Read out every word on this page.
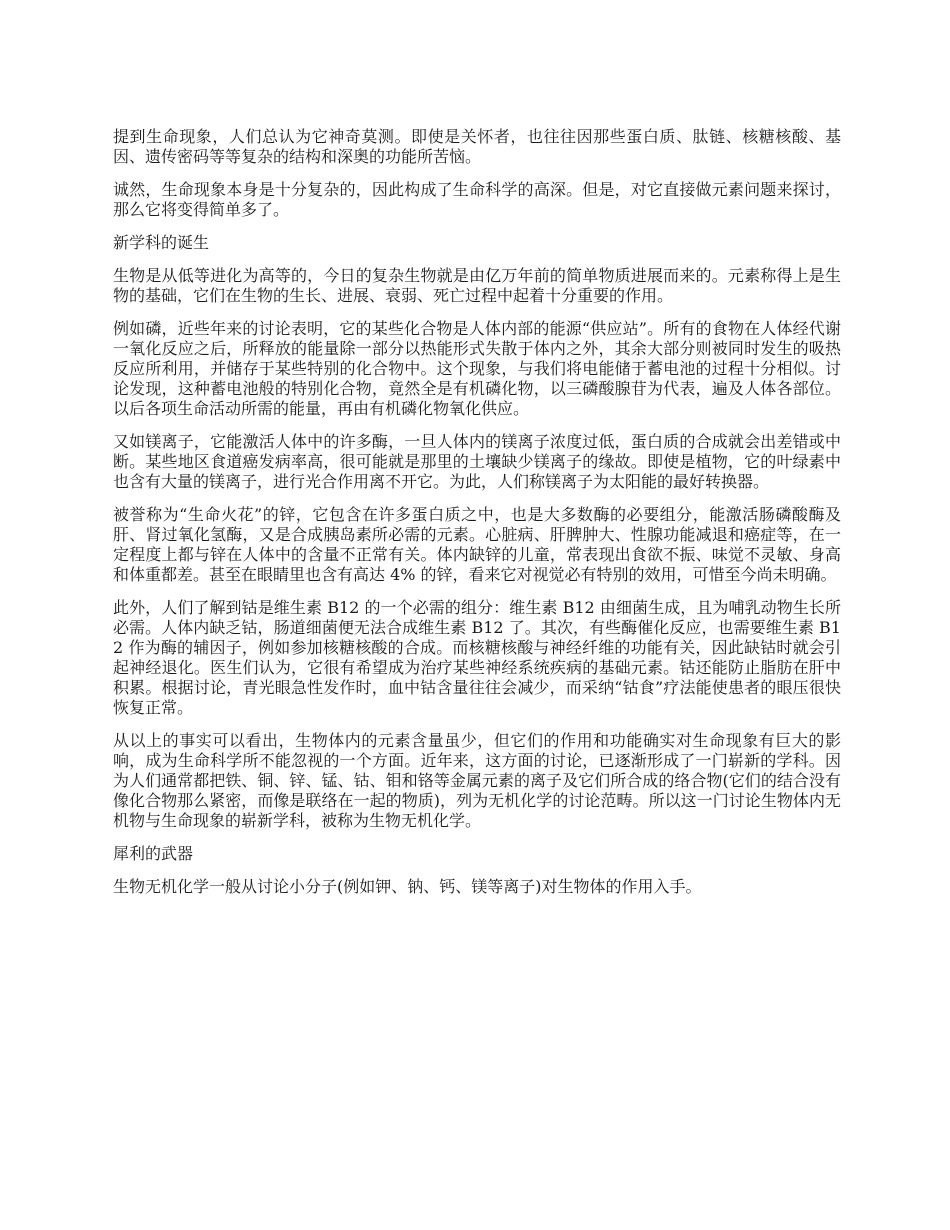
提到生命现象，人们总认为它神奇莫测。即使是关怀者，也往往因那些蛋白质、肽链、核糖核酸、基因、遗传密码等等复杂的结构和深奥的功能所苦恼。

诚然，生命现象本身是十分复杂的，因此构成了生命科学的高深。但是，对它直接做元素问题来探讨，那么它将变得简单多了。

新学科的诞生

生物是从低等进化为高等的，今日的复杂生物就是由亿万年前的简单物质进展而来的。元素称得上是生物的基础，它们在生物的生长、进展、衰弱、死亡过程中起着十分重要的作用。

例如磷，近些年来的讨论表明，它的某些化合物是人体内部的能源“供应站”。所有的食物在人体经代谢一氧化反应之后，所释放的能量除一部分以热能形式失散于体内之外，其余大部分则被同时发生的吸热反应所利用，并储存于某些特别的化合物中。这个现象，与我们将电能储于蓄电池的过程十分相似。讨论发现，这种蓄电池般的特别化合物，竟然全是有机磷化物，以三磷酸腺苷为代表，遍及人体各部位。以后各项生命活动所需的能量，再由有机磷化物氧化供应。

又如镁离子，它能激活人体中的许多酶，一旦人体内的镁离子浓度过低，蛋白质的合成就会出差错或中断。某些地区食道癌发病率高，很可能就是那里的土壤缺少镁离子的缘故。即使是植物，它的叶绿素中也含有大量的镁离子，进行光合作用离不开它。为此，人们称镁离子为太阳能的最好转换器。

被誉称为“生命火花”的锌，它包含在许多蛋白质之中，也是大多数酶的必要组分，能激活肠磷酸酶及肝、肾过氧化氢酶，又是合成胰岛素所必需的元素。心脏病、肝脾肿大、性腺功能减退和癌症等，在一定程度上都与锌在人体中的含量不正常有关。体内缺锌的儿童，常表现出食欲不振、味觉不灵敏、身高和体重都差。甚至在眼睛里也含有高达 4% 的锌，看来它对视觉必有特别的效用，可惜至今尚未明确。

此外，人们了解到钴是维生素 B12 的一个必需的组分：维生素 B12 由细菌生成，且为哺乳动物生长所必需。人体内缺乏钴，肠道细菌便无法合成维生素 B12 了。其次，有些酶催化反应，也需要维生素 B12 作为酶的辅因子，例如参加核糖核酸的合成。而核糖核酸与神经纤维的功能有关，因此缺钴时就会引起神经退化。医生们认为，它很有希望成为治疗某些神经系统疾病的基础元素。钴还能防止脂肪在肝中积累。根据讨论，青光眼急性发作时，血中钴含量往往会减少，而采纳“钴食”疗法能使患者的眼压很快恢复正常。

从以上的事实可以看出，生物体内的元素含量虽少，但它们的作用和功能确实对生命现象有巨大的影响，成为生命科学所不能忽视的一个方面。近年来，这方面的讨论，已逐渐形成了一门崭新的学科。因为人们通常都把铁、铜、锌、锰、钴、钼和铬等金属元素的离子及它们所合成的络合物(它们的结合没有像化合物那么紧密，而像是联络在一起的物质)，列为无机化学的讨论范畴。所以这一门讨论生物体内无机物与生命现象的崭新学科，被称为生物无机化学。

犀利的武器

生物无机化学一般从讨论小分子(例如钾、钠、钙、镁等离子)对生物体的作用入手。
